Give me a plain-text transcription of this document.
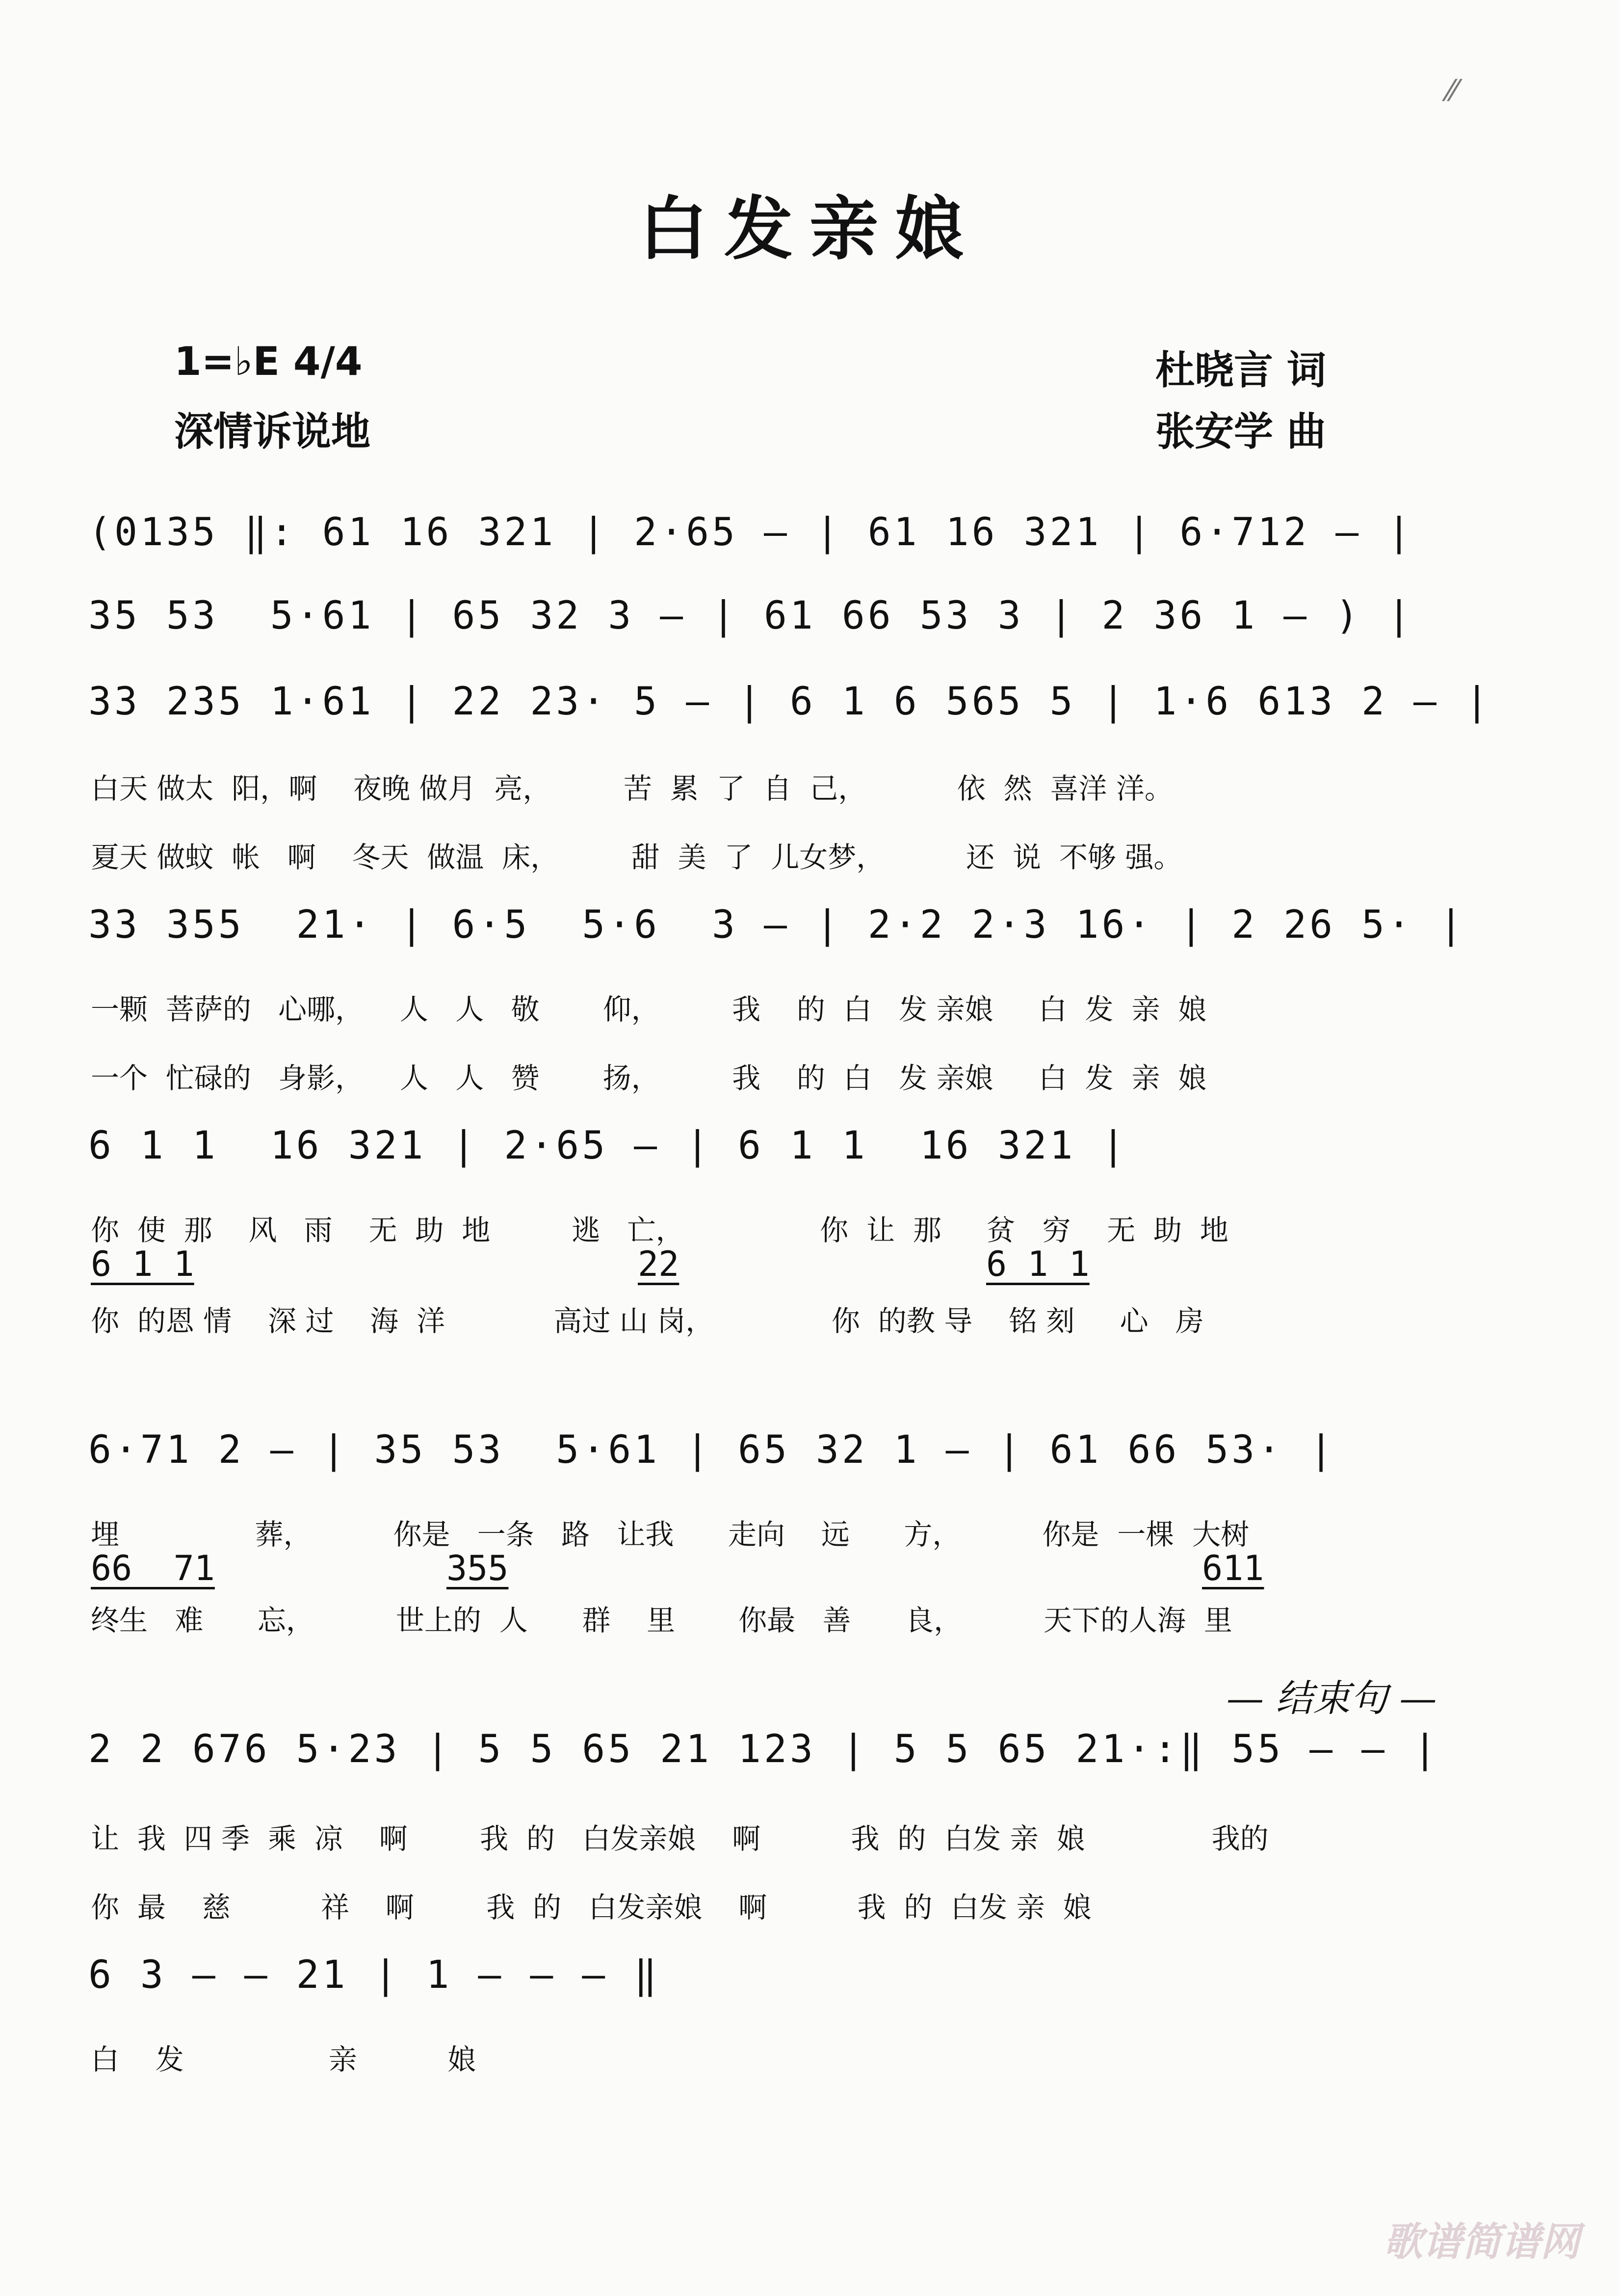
⁄⁄
白发亲娘
1=♭E 4/4
深情诉说地
杜晓言 词
张安学 曲
(0135 ‖: 61 16 321 | 2·65 — | 61 16 321 | 6·712 — |
35 53  5·61 | 65 32 3 — | 61 66 53 3 | 2 36 1 — ) |
33 235 1·61 | 22 23· 5 — | 6 1 6 565 5 | 1·6 613 2 — |
白天 做太  阳，啊    夜晚 做月  亮，        苦  累  了  自  己，          依  然  喜洋 洋。
夏天 做蚊  帐   啊    冬天  做温  床，        甜  美  了  儿女梦，         还  说  不够 强。
33 355  21· | 6·5  5·6  3 — | 2·2 2·3 16· | 2 26 5· |
一颗  菩萨的   心哪，    人   人   敬       仰，        我    的  白   发 亲娘     白  发  亲  娘
一个  忙碌的   身影，    人   人   赞       扬，        我    的  白   发 亲娘     白  发  亲  娘
6 1 1  16 321 | 2·65 — | 6 1 1  16 321 |
你  使  那    风   雨    无  助  地         逃   亡，               你  让  那     贫   穷    无  助  地
6 1 1	22	6 1 1
你  的恩 情    深 过    海  洋            高过 山 岗，             你  的教 导    铭 刻     心   房
6·71 2 — | 35 53  5·61 | 65 32 1 — | 61 66 53· |
埋               葬，         你是   一条   路   让我      走向    远      方，         你是  一棵  大树
66  71	355	611
终生   难      忘，         世上的  人      群    里       你最   善      良，         天下的人海  里
— 结束句 —
2 2 676 5·23 | 5 5 65 21 123 | 5 5 65 21·:‖ 55 — — |
让  我  四 季  乘  凉    啊        我  的   白发亲娘    啊          我  的  白发 亲  娘              我的
你  最    慈          祥    啊        我  的   白发亲娘    啊          我  的  白发 亲  娘
6 3 — — 21 | 1 — — — ‖
白    发                亲          娘
歌谱简谱网
